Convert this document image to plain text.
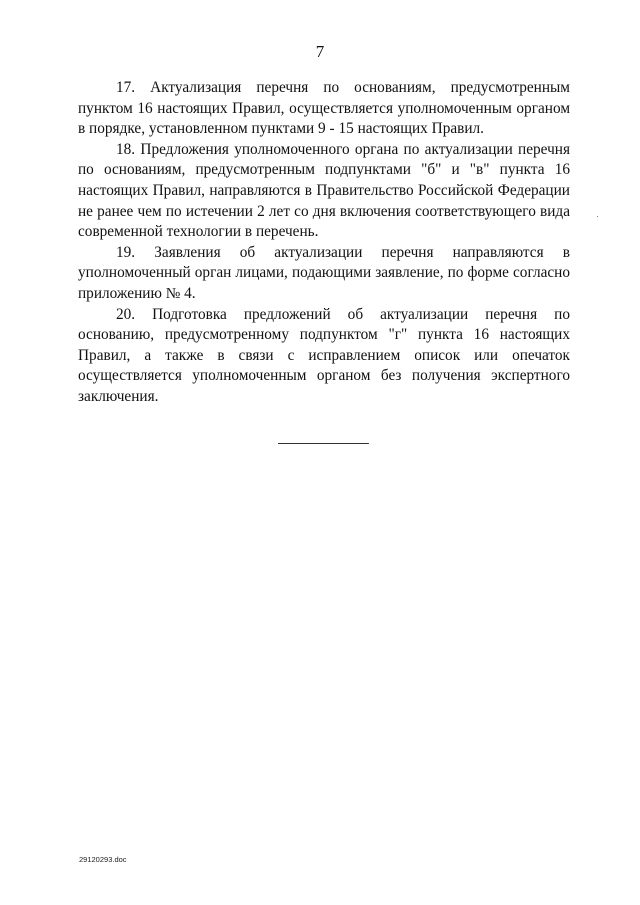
7

17. Актуализация перечня по основаниям, предусмотренным пунктом 16 настоящих Правил, осуществляется уполномоченным органом в порядке, установленном пунктами 9 - 15 настоящих Правил.

18. Предложения уполномоченного органа по актуализации перечня по основаниям, предусмотренным подпунктами "б" и "в" пункта 16 настоящих Правил, направляются в Правительство Российской Федерации не ранее чем по истечении 2 лет со дня включения соответствующего вида современной технологии в перечень.

19. Заявления об актуализации перечня направляются в уполномоченный орган лицами, подающими заявление, по форме согласно приложению № 4.

20. Подготовка предложений об актуализации перечня по основанию, предусмотренному подпунктом "г" пункта 16 настоящих Правил, а также в связи с исправлением описок или опечаток осуществляется уполномоченным органом без получения экспертного заключения.

29120293.doc
